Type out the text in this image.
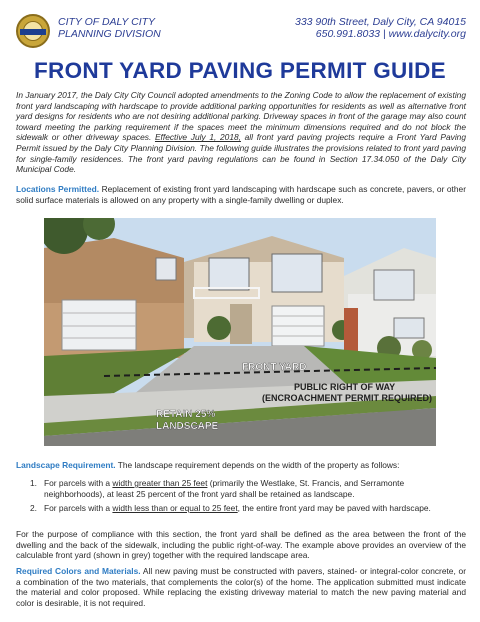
CITY OF DALY CITY
PLANNING DIVISION
333 90th Street, Daly City, CA 94015
650.991.8033 | www.dalycity.org
FRONT YARD PAVING PERMIT GUIDE

In January 2017, the Daly City City Council adopted amendments to the Zoning Code to allow the replacement of existing front yard landscaping with hardscape to provide additional parking opportunities for residents as well as alternative front yard designs for residents who are not desiring additional parking. Driveway spaces in front of the garage may also count toward meeting the parking requirement if the spaces meet the minimum dimensions required and do not block the sidewalk or other driveway spaces. Effective July 1, 2018, all front yard paving projects require a Front Yard Paving Permit issued by the Daly City Planning Division. The following guide illustrates the provisions related to front yard paving for single-family residences. The front yard paving regulations can be found in Section 17.34.050 of the Daly City Municipal Code.

Locations Permitted. Replacement of existing front yard landscaping with hardscape such as concrete, pavers, or other solid surface materials is allowed on any property with a single-family dwelling or duplex.

FRONT YARD
PUBLIC RIGHT OF WAY
(ENCROACHMENT PERMIT REQUIRED)
RETAIN 25%
LANDSCAPE

Landscape Requirement. The landscape requirement depends on the width of the property as follows:

1. For parcels with a width greater than 25 feet (primarily the Westlake, St. Francis, and Serramonte neighborhoods), at least 25 percent of the front yard shall be retained as landscape.
2. For parcels with a width less than or equal to 25 feet, the entire front yard may be paved with hardscape.

For the purpose of compliance with this section, the front yard shall be defined as the area between the front of the dwelling and the back of the sidewalk, including the public right-of-way. The example above provides an overview of the calculable front yard (shown in grey) together with the required landscape area.

Required Colors and Materials. All new paving must be constructed with pavers, stained- or integral-color concrete, or a combination of the two materials, that complements the color(s) of the home. The application submitted must indicate the material and color proposed. While replacing the existing driveway material to match the new paving material and color is desirable, it is not required.
